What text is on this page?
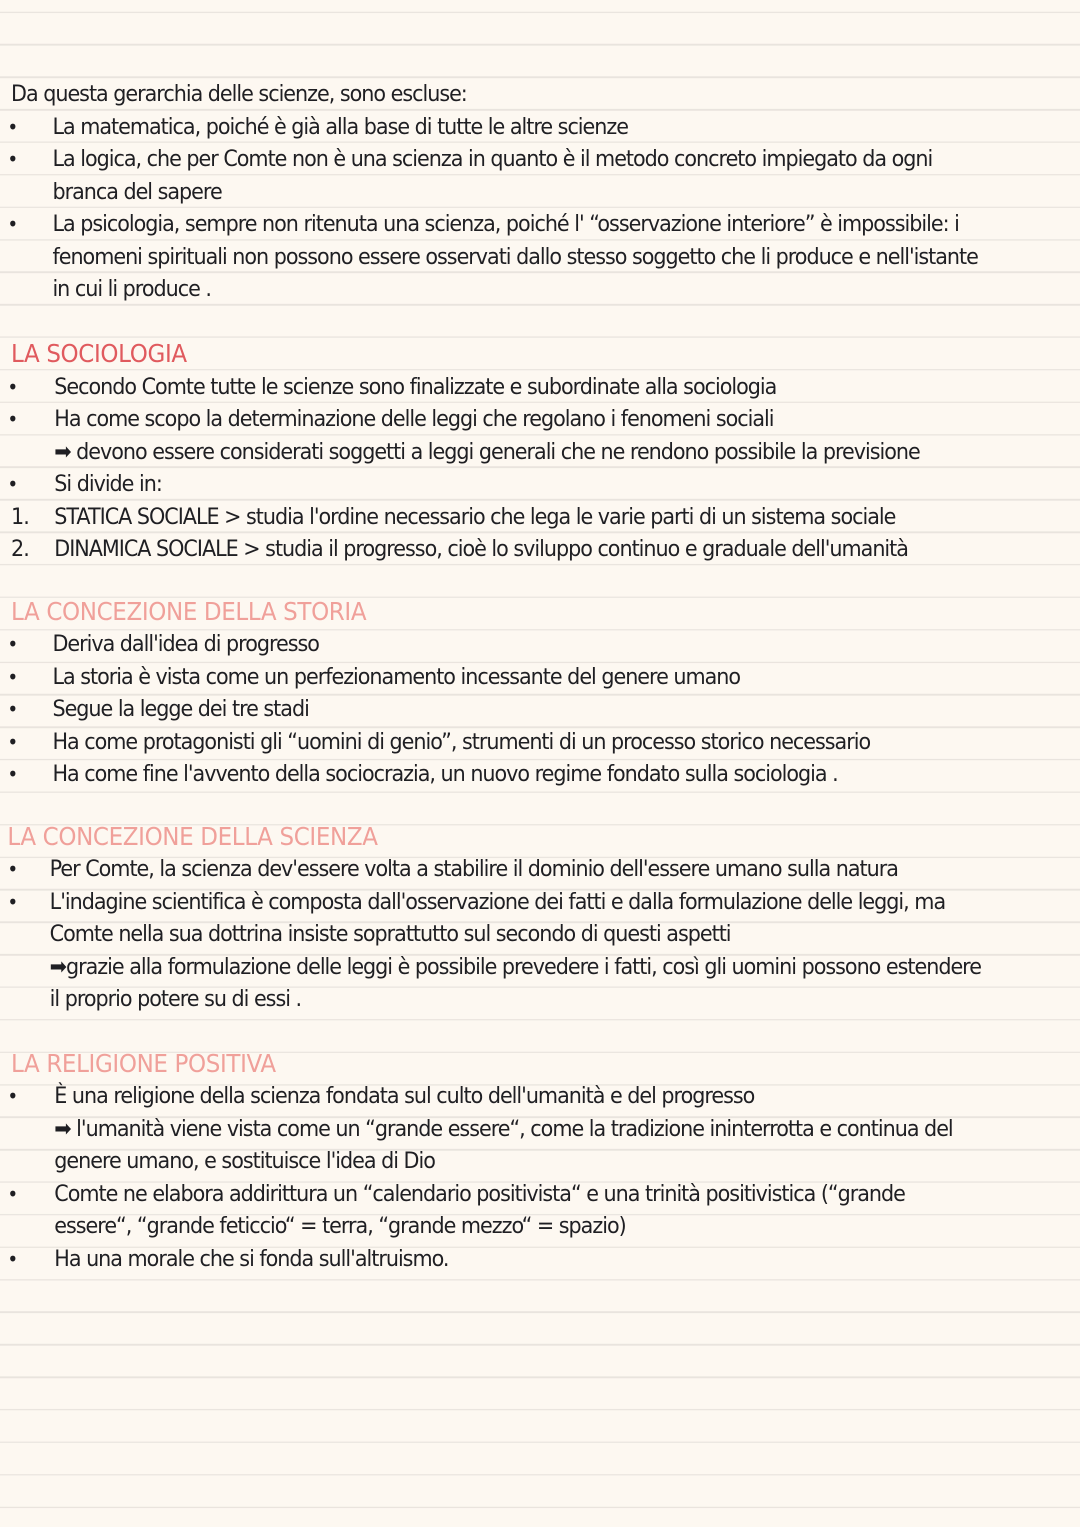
Da questa gerarchia delle scienze, sono escluse:
• La matematica, poiché è già alla base di tutte le altre scienze
• La logica, che per Comte non è una scienza in quanto è il metodo concreto impiegato da ogni
branca del sapere
• La psicologia, sempre non ritenuta una scienza, poiché l' “osservazione interiore” è impossibile: i
fenomeni spirituali non possono essere osservati dallo stesso soggetto che li produce e nell'istante
in cui li produce .
LA SOCIOLOGIA
• Secondo Comte tutte le scienze sono finalizzate e subordinate alla sociologia
• Ha come scopo la determinazione delle leggi che regolano i fenomeni sociali
➡ devono essere considerati soggetti a leggi generali che ne rendono possibile la previsione
• Si divide in:
1. STATICA SOCIALE > studia l'ordine necessario che lega le varie parti di un sistema sociale
2. DINAMICA SOCIALE > studia il progresso, cioè lo sviluppo continuo e graduale dell'umanità
LA CONCEZIONE DELLA STORIA
• Deriva dall'idea di progresso
• La storia è vista come un perfezionamento incessante del genere umano
• Segue la legge dei tre stadi
• Ha come protagonisti gli “uomini di genio”, strumenti di un processo storico necessario
• Ha come fine l'avvento della sociocrazia, un nuovo regime fondato sulla sociologia .
LA CONCEZIONE DELLA SCIENZA
• Per Comte, la scienza dev'essere volta a stabilire il dominio dell'essere umano sulla natura
• L'indagine scientifica è composta dall'osservazione dei fatti e dalla formulazione delle leggi, ma
Comte nella sua dottrina insiste soprattutto sul secondo di questi aspetti
➡grazie alla formulazione delle leggi è possibile prevedere i fatti, così gli uomini possono estendere
il proprio potere su di essi .
LA RELIGIONE POSITIVA
• È una religione della scienza fondata sul culto dell'umanità e del progresso
➡ l'umanità viene vista come un “grande essere“, come la tradizione ininterrotta e continua del
genere umano, e sostituisce l'idea di Dio
• Comte ne elabora addirittura un “calendario positivista“ e una trinità positivistica (“grande
essere“, “grande feticcio“ = terra, “grande mezzo“ = spazio)
• Ha una morale che si fonda sull'altruismo.
